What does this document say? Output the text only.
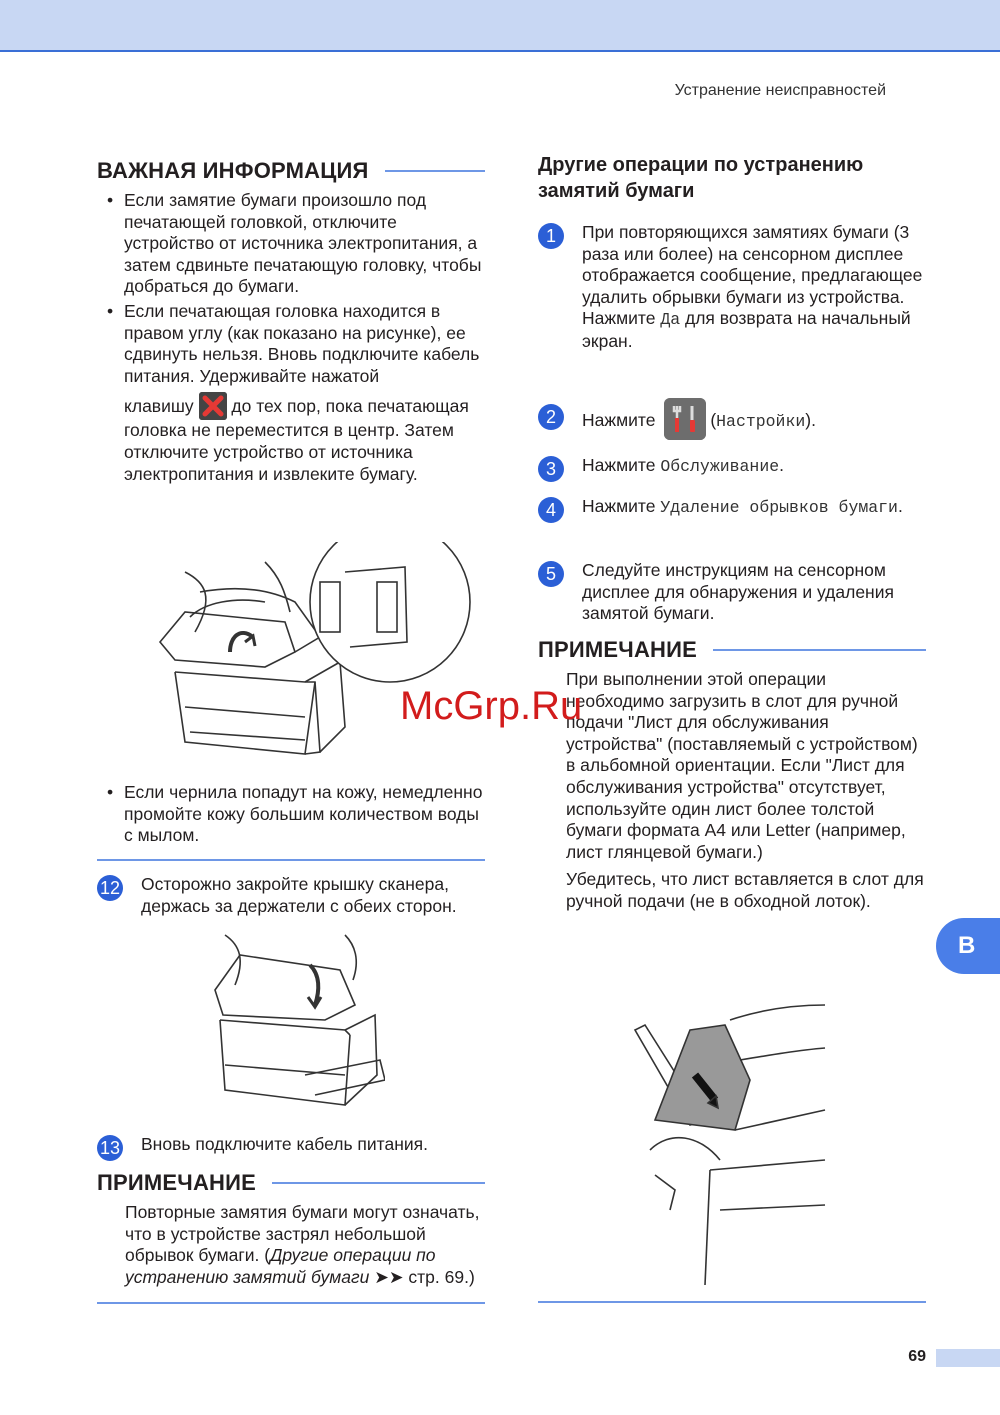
Устранение неисправностей
ВАЖНАЯ ИНФОРМАЦИЯ
• Если замятие бумаги произошло под печатающей головкой, отключите устройство от источника электропитания, а затем сдвиньте печатающую головку, чтобы добраться до бумаги.
• Если печатающая головка находится в правом углу (как показано на рисунке), ее сдвинуть нельзя. Вновь подключите кабель питания. Удерживайте нажатой
клавишу до тех пор, пока печатающая головка не переместится в центр. Затем отключите устройство от источника электропитания и извлеките бумагу.
• Если чернила попадут на кожу, немедленно промойте кожу большим количеством воды с мылом.
12 Осторожно закройте крышку сканера, держась за держатели с обеих сторон.
13 Вновь подключите кабель питания.
ПРИМЕЧАНИЕ
Повторные замятия бумаги могут означать, что в устройстве застрял небольшой обрывок бумаги. (Другие операции по устранению замятий бумаги ➤➤ стр. 69.)
Другие операции по устранению замятий бумаги
1	При повторяющихся замятиях бумаги (3 раза или более) на сенсорном дисплее отображается сообщение, предлагающее удалить обрывки бумаги из устройства.
Нажмите Да для возврата на начальный экран.
2	Нажмите	(Настройки).
3	Нажмите Обслуживание.
4	Нажмите Удаление обрывков бумаги.
5	Следуйте инструкциям на сенсорном дисплее для обнаружения и удаления замятой бумаги.
ПРИМЕЧАНИЕ
При выполнении этой операции необходимо загрузить в слот для ручной подачи "Лист для обслуживания устройства" (поставляемый с устройством) в альбомной ориентации. Если "Лист для обслуживания устройства" отсутствует, используйте один лист более толстой бумаги формата A4 или Letter (например, лист глянцевой бумаги.)
Убедитесь, что лист вставляется в слот для ручной подачи (не в обходной лоток).
B
69
McGrp.Ru
